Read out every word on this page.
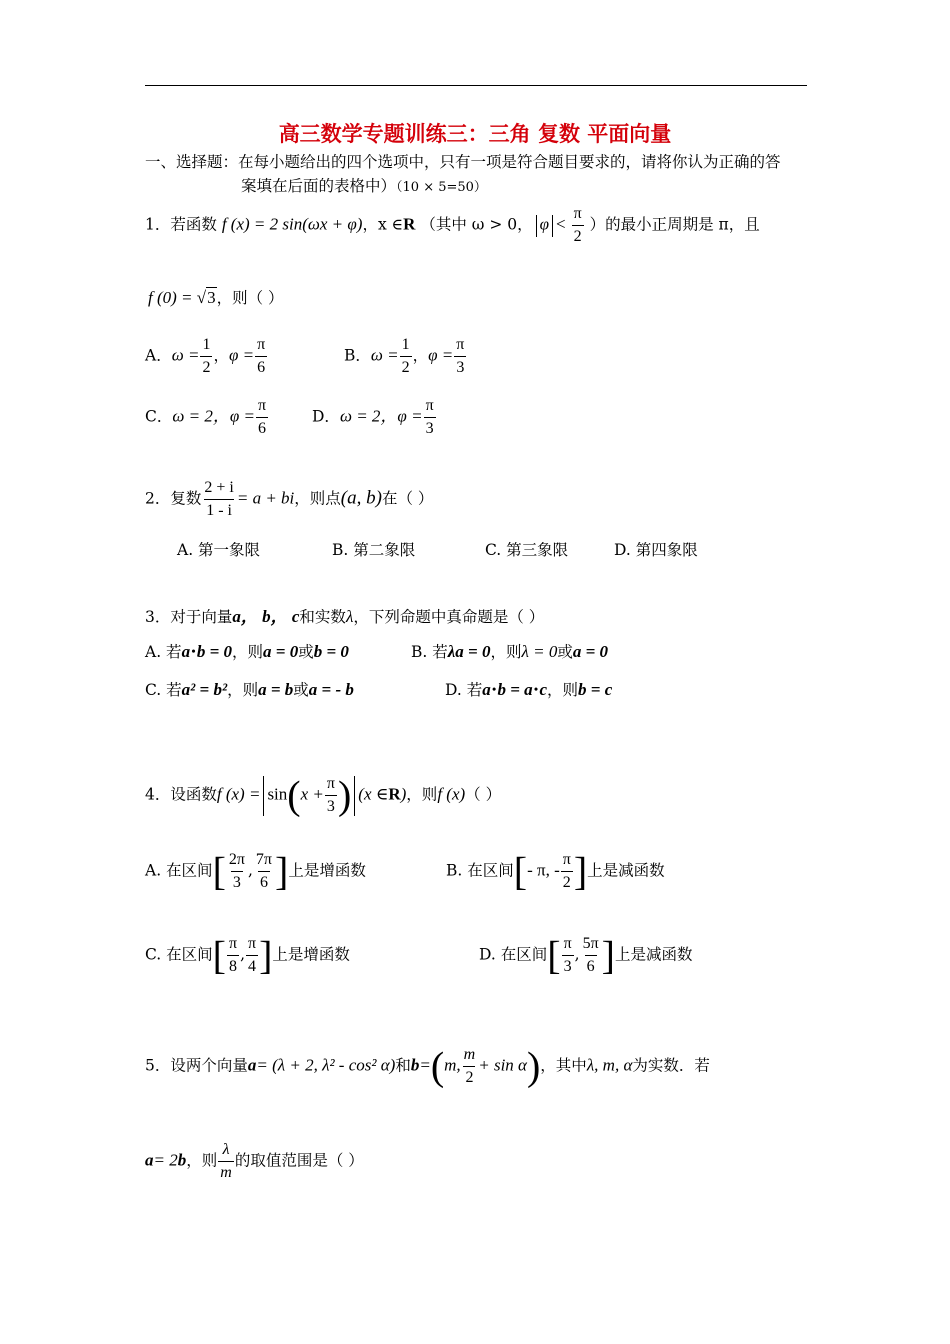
高三数学专题训练三：三角 复数 平面向量
一、选择题：在每小题给出的四个选项中，只有一项是符合题目要求的，请将你认为正确的答
案填在后面的表格中）（10 × 5=50）
1．若函数 f (x) = 2 sin(ωx + φ)，x ∈R （其中 ω > 0， $\varphi < \frac{\pi}{2}$ ）的最小正周期是 π，且
f (0) = √3，则（ ）
A．$\omega = \frac{1}{2}$ ，$\varphi = \frac{\pi}{6}$	B．$\omega = \frac{1}{2}$ ，$\varphi = \frac{\pi}{3}$
C．ω = 2，$\varphi = \frac{\pi}{6}$	D．ω = 2，$\varphi = \frac{\pi}{3}$
2．复数 $\frac{2 + i}{1 - i} = a$ + bi，则点(a, b)在（ ）
A. 第一象限	B. 第二象限	C. 第三象限	D. 第四象限
3．对于向量a， b， c和实数λ，下列命题中真命题是（ ）
A. 若a⋅b = 0，则a = 0或b = 0	B. 若λa = 0，则λ = 0或a = 0
C. 若a² = b²，则a = b或a = - b	D. 若a⋅b = a⋅c，则b = c
4．设函数f $(x) = \sin(x + \frac{\pi}{3}$ ) (x ∈R)，则f (x)（ ）
A. 在区间[ $\frac{2\pi}{3}$ , $\frac{7\pi}{6}$ ]上是增函数	B. 在区间[- π, - $\frac{\pi}{2}$ ]上是减函数
C. 在区间[ $\frac{\pi}{8}$ , $\frac{\pi}{4}$ ]上是增函数	D. 在区间[ $\frac{\pi}{3}$ , $\frac{5\pi}{6}$ ]上是减函数
5．设两个向量a= (λ + 2, λ² - cos² α)和b=(m, $\frac{m}{2} + \sin \alpha$)，其中λ, m, α为实数．若
a= 2b，则 $\frac{\lambda}{m}$ 的取值范围是（ ）
